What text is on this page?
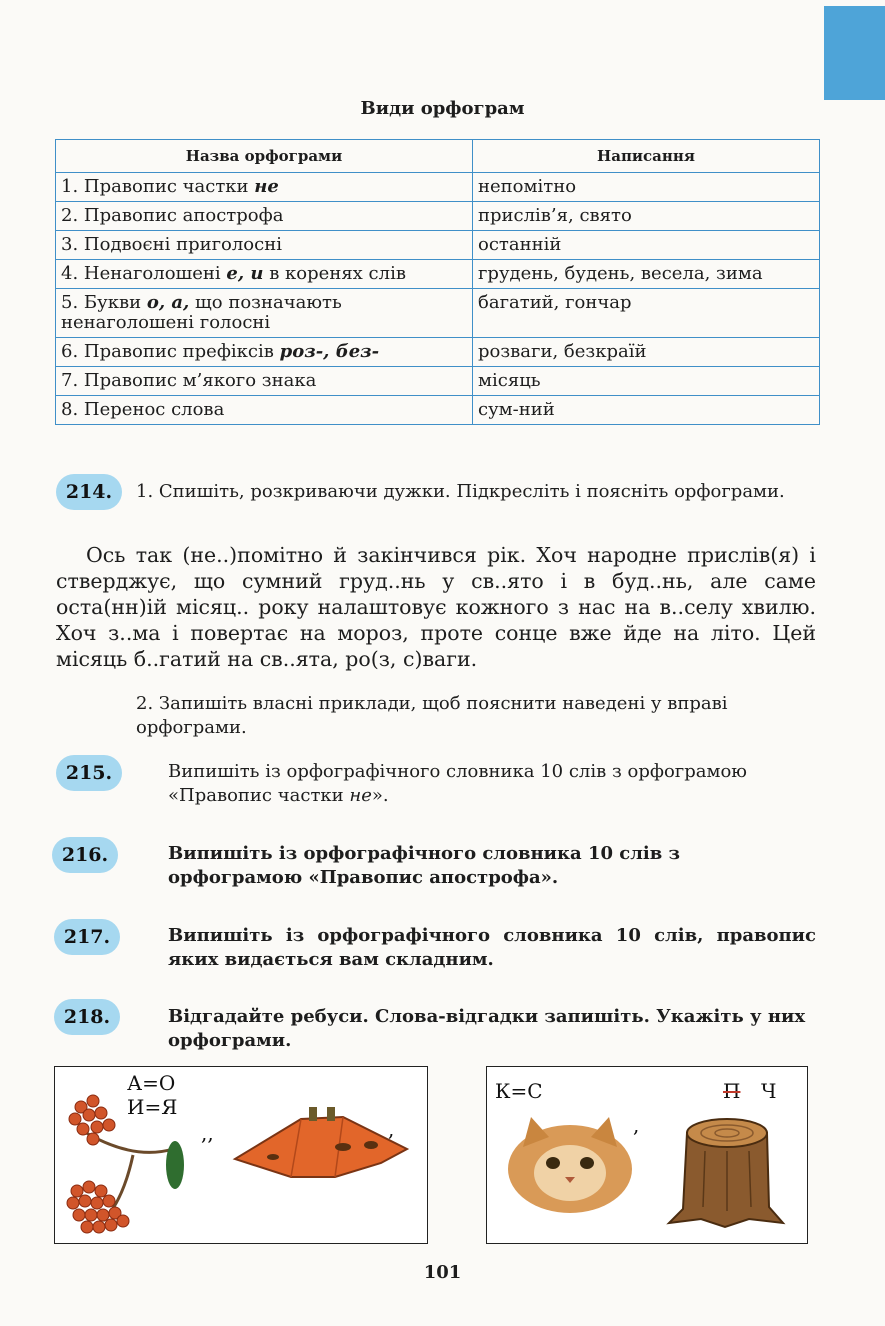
Види орфограм
Назва орфограми	Написання
1. Правопис частки не	непомітно
2. Правопис апострофа	прислів’я, свято
3. Подвоєні приголосні	останній
4. Ненаголошені е, и в коренях слів	грудень, будень, весела, зима
5. Букви о, а, що позначають ненаголошені голосні	багатий, гончар
6. Правопис префіксів роз-, без-	розваги, безкраїй
7. Правопис м’якого знака	місяць
8. Перенос слова	сум-ний
214.	1. Спишіть, розкриваючи дужки. Підкресліть і поясніть орфограми.
Ось так (не..)помітно й закінчився рік. Хоч народне прислів(я) і стверджує, що сумний груд..нь у св..ято і в буд..нь, але саме оста(нн)ій місяц.. року налаштовує кожного з нас на в..селу хвилю. Хоч з..ма і повертає на мороз, проте сонце вже йде на літо. Цей місяць б..гатий на св..ята, ро(з, с)ваги.
2. Запишіть власні приклади, щоб пояснити наведені у вправі орфограми.
215.	Випишіть із орфографічного словника 10 слів з орфограмою «Правопис частки не».
216.	Випишіть із орфографічного словника 10 слів з орфограмою «Правопис апострофа».
217.	Випишіть із орфографічного словника 10 слів, правопис яких видається вам складним.
218.	Відгадайте ребуси. Слова-відгадки запишіть. Укажіть у них орфограми.
А=О
И=Я
,,	,
К=С	П Ч
,
101
